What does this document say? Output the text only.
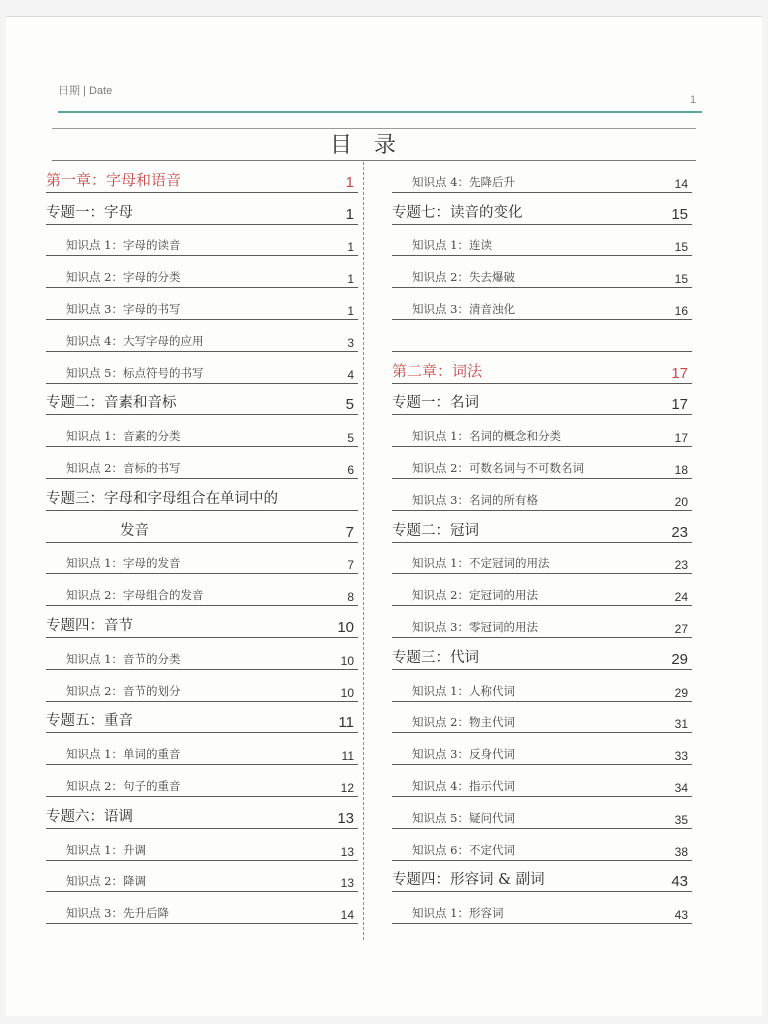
日期 | Date
1
目录
第一章：字母和语音	1
专题一：字母	1
知识点 1：字母的读音	1
知识点 2：字母的分类	1
知识点 3：字母的书写	1
知识点 4：大写字母的应用	3
知识点 5：标点符号的书写	4
专题二：音素和音标	5
知识点 1：音素的分类	5
知识点 2：音标的书写	6
专题三：字母和字母组合在单词中的
发音	7
知识点 1：字母的发音	7
知识点 2：字母组合的发音	8
专题四：音节	10
知识点 1：音节的分类	10
知识点 2：音节的划分	10
专题五：重音	11
知识点 1：单词的重音	11
知识点 2：句子的重音	12
专题六：语调	13
知识点 1：升调	13
知识点 2：降调	13
知识点 3：先升后降	14
知识点 4：先降后升	14
专题七：读音的变化	15
知识点 1：连读	15
知识点 2：失去爆破	15
知识点 3：清音浊化	16
第二章：词法	17
专题一：名词	17
知识点 1：名词的概念和分类	17
知识点 2：可数名词与不可数名词	18
知识点 3：名词的所有格	20
专题二：冠词	23
知识点 1：不定冠词的用法	23
知识点 2：定冠词的用法	24
知识点 3：零冠词的用法	27
专题三：代词	29
知识点 1：人称代词	29
知识点 2：物主代词	31
知识点 3：反身代词	33
知识点 4：指示代词	34
知识点 5：疑问代词	35
知识点 6：不定代词	38
专题四：形容词 & 副词	43
知识点 1：形容词	43
